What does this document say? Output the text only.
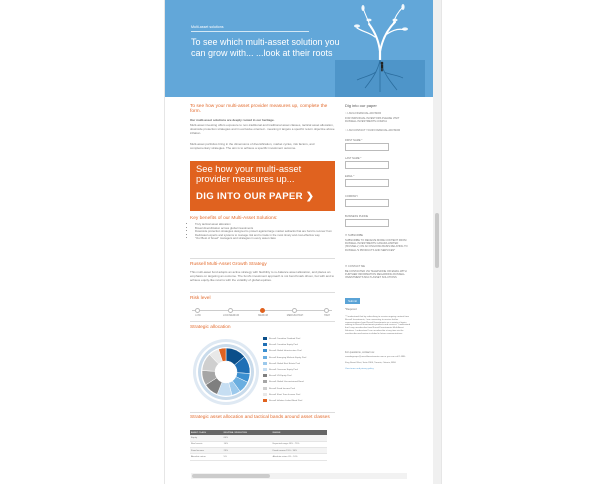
Multi-asset solutions
To see which multi-asset solution you can grow with... ...look at their roots
To see how your multi-asset provider measures up, complete the form.
Our multi-asset solutions are deeply rooted in our heritage.
Multi-asset investing offers exposure to non-traditional and traditional asset classes, tactical asset allocation, downside protection strategies and in exclusive oriented - meaning it targets a specific return objective above inflation.
Multi-asset portfolios bring in the dimensions of diversification, market cycles, risk factors, and complementary strategies. The aim is to achieve a specific investment outcome.
See how your multi-asset provider measures up...
DIG INTO OUR PAPER ❯
Key benefits of our Multi-Asset Solutions:
• Truly tactical asset allocation
• Broad diversification across global investments
• Downside protection strategies designed to protect against large market setbacks that are hard to recover from
• Dedicated experts and systems to manage risk and to trade in the most timely and cost-effective way
• "Our Best of breed" managers and strategies in every asset class
Russell Multi-Asset Growth Strategy
This multi-asset fund adopts an active strategy with flexibility to re-balance asset allocation, and places an emphasis on targeting an outcome. The fund's investment approach is not benchmark driven, but with and to achieve equity-like returns with the volatility of global equities.
Risk level
LOW	LOW-MEDIUM	MEDIUM	MEDIUM-HIGH	HIGH
Strategic allocation
Russell Canadian Dividend Pool
Russell Canadian Equity Pool
Russell Global Infrastructure Pool
Russell Emerging Markets Equity Pool
Russell Global Real Estate Pool
Russell Overseas Equity Pool
Russell US Equity Pool
Russell Global Unconstrained Bond
Russell Fixed Income Pool
Russell Short Term Income Pool
Russell Inflation Linked Bond Pool
Strategic asset allocation and tactical bands around asset classes
ASSET CLASS	NEUTRAL WEIGHTING	RANGE
Equity	60%	
Real assets	10%	Expected range 45% - 75%
Fixed income	25%	Fixed income 15% - 30%
Absolute return	5%	Absolute return 0% - 10%
Dig into our paper
○ I AM A FINANCIAL ADVISOR
FOR INDIVIDUAL INVESTORS PLEASE VISIT RUSSELL INVESTMENTS.COM/CA
○ I AM CONTACT YOUR FINANCIAL ADVISOR
FIRST NAME *
LAST NAME *
EMAIL *
COMPANY
BUSINESS PHONE
☐ SUBSCRIBE
SUBSCRIBE TO RECEIVE MORE CONTENT FROM RUSSELL INVESTMENTS CANADA LIMITED ('RUSSELL') ON AN ONGOING BASIS RELATING TO RUSSELL'S PRODUCTS AND SERVICES*
☐ CONTACT ME
BE CONTACTED VIA TELEPHONE OR EMAIL WITH FURTHER INFORMATION REGARDING RUSSELL INVESTMENTS MULTI-ASSET SOLUTIONS
Submit
*Required
**I understand that by subscribing to receive ongoing content from Russell Investments, I am consenting to receive further communications from Russell Investments on a variety of topics relating to Russell Investments products and services. I understand that I may unsubscribe from Russell Investments Multi-Asset Solutions. I understand I can unsubscribe at any time via the unsubscribe mechanism included in future communications.
For questions, contact us:
canadagroups@russellinvestments.com or you can call 1-888-
King Street West, Suite 3300, Toronto, Ontario, M5H
View terms and privacy policy
